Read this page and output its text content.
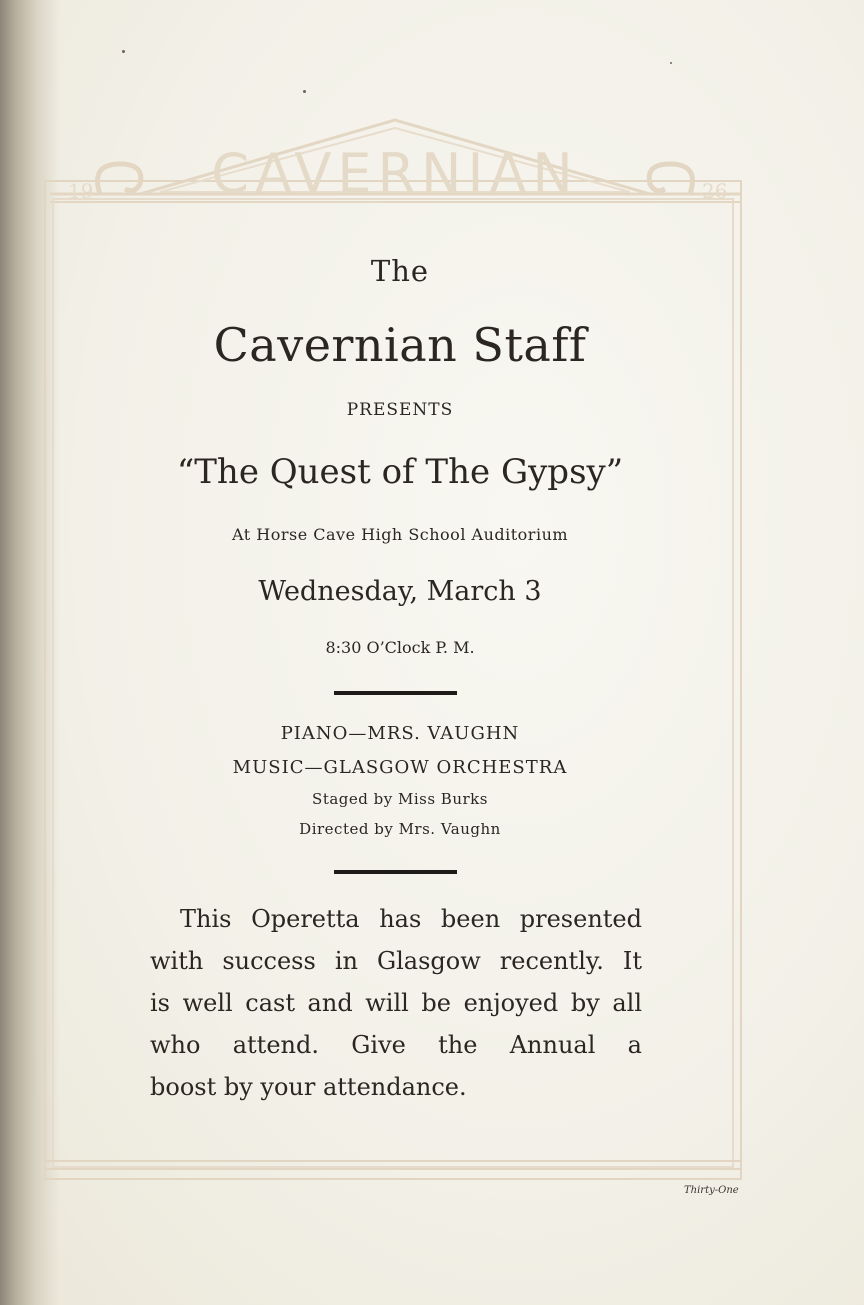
CAVERNIAN
19	26

The

Cavernian Staff

PRESENTS

“The Quest of The Gypsy”

At Horse Cave High School Auditorium

Wednesday, March 3

8:30 O’Clock P. M.

PIANO—MRS. VAUGHN

MUSIC—GLASGOW ORCHESTRA

Staged by Miss Burks

Directed by Mrs. Vaughn

This Operetta has been presented
with success in Glasgow recently. It
is well cast and will be enjoyed by all
who attend. Give the Annual a
boost by your attendance.
Thirty-One
